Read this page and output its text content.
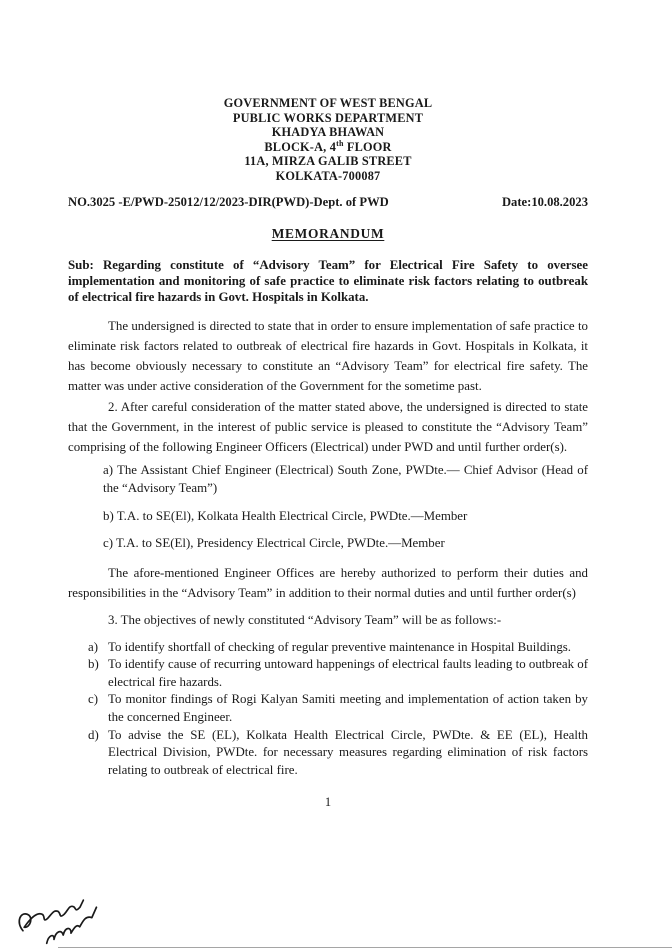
GOVERNMENT OF WEST BENGAL
PUBLIC WORKS DEPARTMENT
KHADYA BHAWAN
BLOCK-A, 4th FLOOR
11A, MIRZA GALIB STREET
KOLKATA-700087
NO.3025 -E/PWD-25012/12/2023-DIR(PWD)-Dept. of PWD	Date:10.08.2023
MEMORANDUM

Sub: Regarding constitute of “Advisory Team” for Electrical Fire Safety to oversee implementation and monitoring of safe practice to eliminate risk factors relating to outbreak of electrical fire hazards in Govt. Hospitals in Kolkata.

The undersigned is directed to state that in order to ensure implementation of safe practice to eliminate risk factors related to outbreak of electrical fire hazards in Govt. Hospitals in Kolkata, it has become obviously necessary to constitute an “Advisory Team” for electrical fire safety. The matter was under active consideration of the Government for the sometime past.

2. After careful consideration of the matter stated above, the undersigned is directed to state that the Government, in the interest of public service is pleased to constitute the “Advisory Team” comprising of the following Engineer Officers (Electrical) under PWD and until further order(s).

a) The Assistant Chief Engineer (Electrical) South Zone, PWDte.— Chief Advisor (Head of the “Advisory Team”)
b) T.A. to SE(El), Kolkata Health Electrical Circle, PWDte.—Member
c) T.A. to SE(El), Presidency Electrical Circle, PWDte.—Member

The afore-mentioned Engineer Offices are hereby authorized to perform their duties and responsibilities in the “Advisory Team” in addition to their normal duties and until further order(s)

3. The objectives of newly constituted “Advisory Team” will be as follows:-

a) To identify shortfall of checking of regular preventive maintenance in Hospital Buildings.
b) To identify cause of recurring untoward happenings of electrical faults leading to outbreak of electrical fire hazards.
c) To monitor findings of Rogi Kalyan Samiti meeting and implementation of action taken by the concerned Engineer.
d) To advise the SE (EL), Kolkata Health Electrical Circle, PWDte. & EE (EL), Health Electrical Division, PWDte. for necessary measures regarding elimination of risk factors relating to outbreak of electrical fire.
1
